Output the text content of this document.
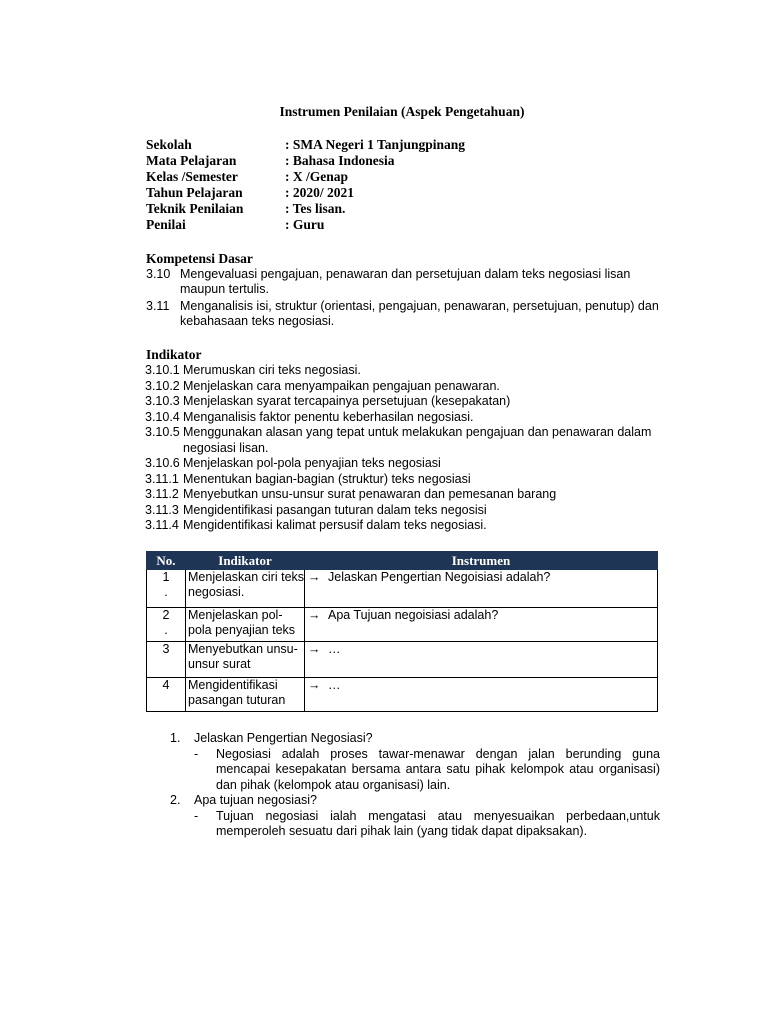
Instrumen Penilaian (Aspek Pengetahuan)
Sekolah	: SMA Negeri 1 Tanjungpinang
Mata Pelajaran	: Bahasa Indonesia
Kelas /Semester	: X /Genap
Tahun Pelajaran	: 2020/ 2021
Teknik Penilaian	: Tes lisan.
Penilai	: Guru
Kompetensi Dasar
3.10 Mengevaluasi pengajuan, penawaran dan persetujuan dalam teks negosiasi lisan maupun tertulis.
3.11 Menganalisis isi, struktur (orientasi, pengajuan, penawaran, persetujuan, penutup) dan kebahasaan teks negosiasi.
Indikator
3.10.1 Merumuskan ciri teks negosiasi.
3.10.2 Menjelaskan cara menyampaikan pengajuan penawaran.
3.10.3 Menjelaskan syarat tercapainya persetujuan (kesepakatan)
3.10.4 Menganalisis faktor penentu keberhasilan negosiasi.
3.10.5 Menggunakan alasan yang tepat untuk melakukan pengajuan dan penawaran dalam negosiasi lisan.
3.10.6 Menjelaskan pol-pola penyajian teks negosiasi
3.11.1 Menentukan bagian-bagian (struktur) teks negosiasi
3.11.2 Menyebutkan unsu-unsur surat penawaran dan pemesanan barang
3.11.3 Mengidentifikasi pasangan tuturan dalam teks negosisi
3.11.4 Mengidentifikasi kalimat persusif dalam teks negosiasi.
No.	Indikator	Instrumen

1
.	Menjelaskan ciri teks negosiasi.	→ Jelaskan Pengertian Negoisiasi adalah?

2
.	Menjelaskan pol-pola penyajian teks	→ Apa Tujuan negoisiasi adalah?

3	Menyebutkan unsu-unsur surat	→ …

4	Mengidentifikasi pasangan tuturan	→ …
1.	Jelaskan Pengertian Negosiasi?
-	Negosiasi adalah proses tawar-menawar dengan jalan berunding guna mencapai kesepakatan bersama antara satu pihak kelompok atau organisasi) dan pihak (kelompok atau organisasi) lain.
2.	Apa tujuan negosiasi?
-	Tujuan negosiasi ialah mengatasi atau menyesuaikan perbedaan,untuk memperoleh sesuatu dari pihak lain (yang tidak dapat dipaksakan).
